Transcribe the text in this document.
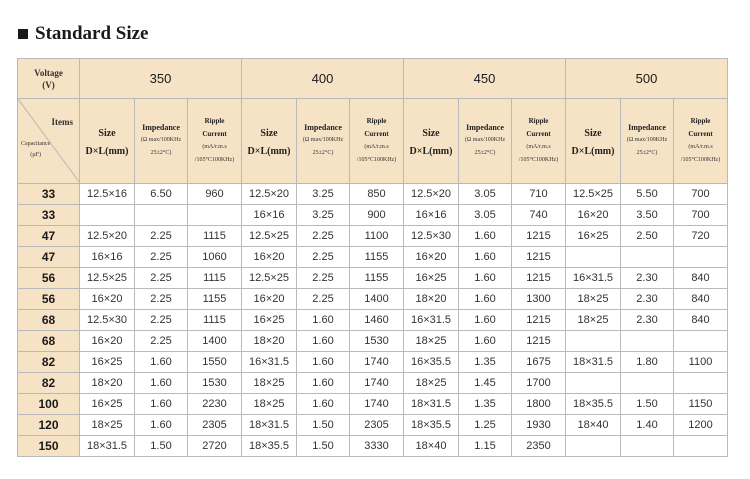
Standard Size
Voltage
(V)	350			400			450			500		

Items
Capacitance
(µF)	Size
D×L(mm)	Impedance
(Ω max/100KHz
25±2°C)	Ripple
Current
(mA/r.m.s
/105°C100KHz)	Size
D×L(mm)	Impedance
(Ω max/100KHz
25±2°C)	Ripple
Current
(mA/r.m.s
/105°C100KHz)	Size
D×L(mm)	Impedance
(Ω max/100KHz
25±2°C)	Ripple
Current
(mA/r.m.s
/105°C100KHz)	Size
D×L(mm)	Impedance
(Ω max/100KHz
25±2°C)	Ripple
Current
(mA/r.m.s
/105°C100KHz)

33	12.5×16	6.50	960	12.5×20	3.25	850	12.5×20	3.05	710	12.5×25	5.50	700
33				16×16	3.25	900	16×16	3.05	740	16×20	3.50	700
47	12.5×20	2.25	1115	12.5×25	2.25	1100	12.5×30	1.60	1215	16×25	2.50	720
47	16×16	2.25	1060	16×20	2.25	1155	16×20	1.60	1215			
56	12.5×25	2.25	1115	12.5×25	2.25	1155	16×25	1.60	1215	16×31.5	2.30	840
56	16×20	2.25	1155	16×20	2.25	1400	18×20	1.60	1300	18×25	2.30	840
68	12.5×30	2.25	1115	16×25	1.60	1460	16×31.5	1.60	1215	18×25	2.30	840
68	16×20	2.25	1400	18×20	1.60	1530	18×25	1.60	1215			
82	16×25	1.60	1550	16×31.5	1.60	1740	16×35.5	1.35	1675	18×31.5	1.80	1100
82	18×20	1.60	1530	18×25	1.60	1740	18×25	1.45	1700			
100	16×25	1.60	2230	18×25	1.60	1740	18×31.5	1.35	1800	18×35.5	1.50	1150
120	18×25	1.60	2305	18×31.5	1.50	2305	18×35.5	1.25	1930	18×40	1.40	1200
150	18×31.5	1.50	2720	18×35.5	1.50	3330	18×40	1.15	2350			
